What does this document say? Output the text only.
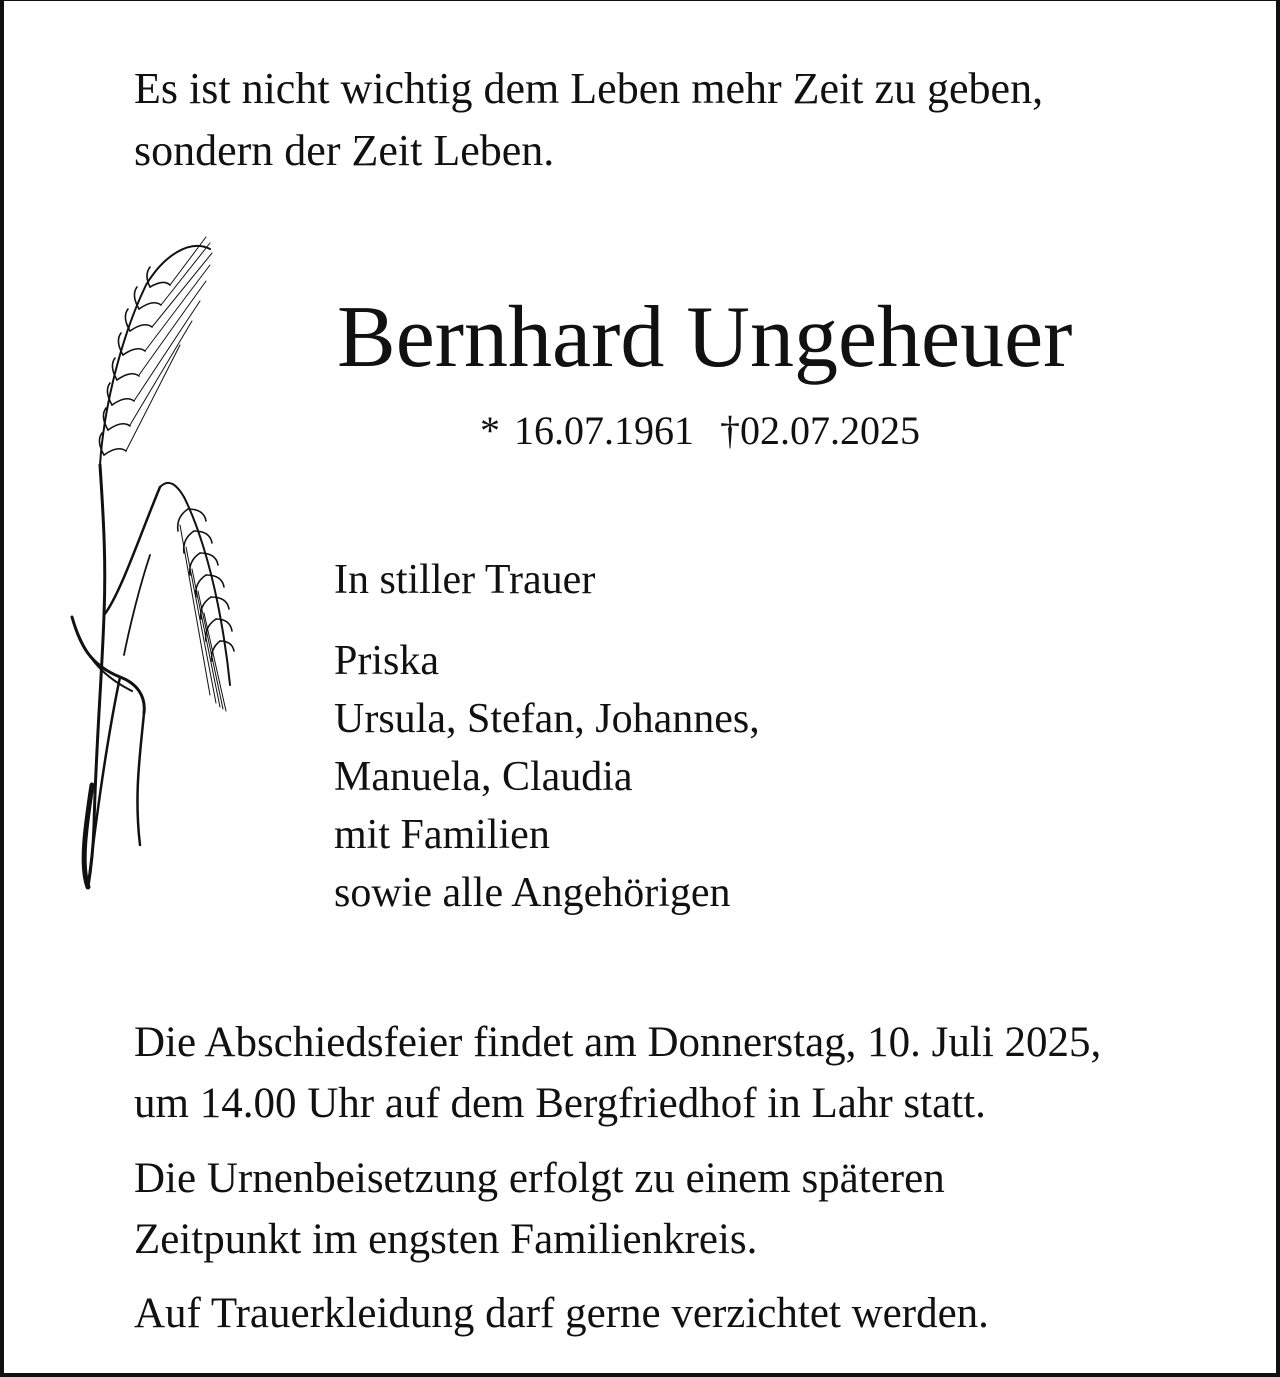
Es ist nicht wichtig dem Leben mehr Zeit zu geben,
sondern der Zeit Leben.
Bernhard Ungeheuer
* 16.07.1961 †02.07.2025
In stiller Trauer
Priska
Ursula, Stefan, Johannes,
Manuela, Claudia
mit Familien
sowie alle Angehörigen
Die Abschiedsfeier findet am Donnerstag, 10. Juli 2025,
um 14.00 Uhr auf dem Bergfriedhof in Lahr statt.
Die Urnenbeisetzung erfolgt zu einem späteren
Zeitpunkt im engsten Familienkreis.
Auf Trauerkleidung darf gerne verzichtet werden.
